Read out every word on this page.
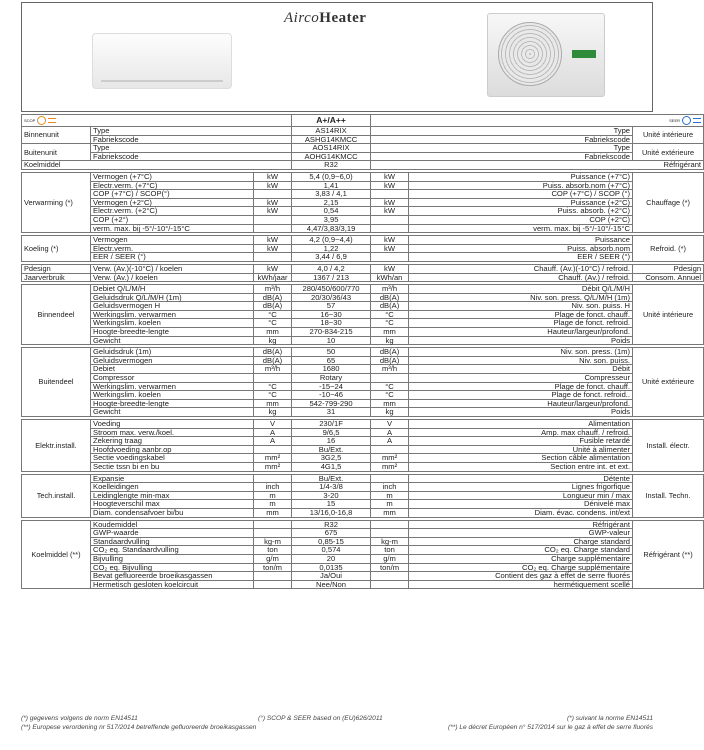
AircoHeater
SCOP			A+/A++	SEER		

Binnenunit	Type		AS14RIX	Type		Unité intérieure
	Fabriekscode		ASHG14KMCC	Fabriekscode		
Buitenunit	Type		AOS14RIX	Type		Unité extérieure
	Fabriekscode		AOHG14KMCC	Fabriekscode		
Koelmiddel			R32	Réfrigérant		

Verwarming (*)	Vermogen (+7°C)	kW	5,4 (0,9~6,0)	kW	Puissance (+7°C)	Chauffage (*)
	Electr.verm. (+7°C)	kW	1,41	kW	Puiss. absorb.nom (+7°C)	
	COP (+7°C) / SCOP(°)		3,83 / 4,1		COP (+7°C) / SCOP (°)	
	Vermogen (+2°C)	kW	2,15	kW	Puissance (+2°C)	
	Electr.verm. (+2°C)	kW	0,54	kW	Puiss. absorb. (+2°C)	
	COP (+2°)		3,95		COP (+2°C)	
	verm. max. bij -5°/-10°/-15°C		4,47/3,83/3,19		verm. max. bij -5°/-10°/-15°C	

Koeling (*)	Vermogen	kW	4,2 (0,9~4,4)	kW	Puissance	Refroid. (*)
	Electr.verm.	kW	1,22	kW	Puiss. absorb.nom	
	EER / SEER (°)		3,44 / 6,9		EER / SEER (°)	

Pdesign	Verw. (Av.)(-10°C) / koelen	kW	4,0 / 4,2	kW	Chauff. (Av.)(-10°C) / refroid.	Pdesign
Jaarverbruik	Verw. (Av.) / koelen	kWh/jaar	1367 / 213	kWh/an	Chauff. (Av.) / refroid.	Consom. Annuel

Binnendeel	Debiet Q/L/M/H	m³/h	280/450/600/770	m³/h	Débit Q/L/M/H	Unité intérieure
	Geluidsdruk Q/L/M/H (1m)	dB(A)	20/30/36/43	dB(A)	Niv. son. press. Q/L/M/H (1m)	
	Geluidsvermogen H	dB(A)	57	dB(A)	Niv. son. puiss. H	
	Werkingslim. verwarmen	°C	16~30	°C	Plage de fonct. chauff.	
	Werkingslim. koelen	°C	18~30	°C	Plage de fonct. refroid.	
	Hoogte-breedte-lengte	mm	270-834-215	mm	Hauteur/largeur/profond.	
	Gewicht	kg	10	kg	Poids	

Buitendeel	Geluidsdruk (1m)	dB(A)	50	dB(A)	Niv. son. press. (1m)	Unité extérieure
	Geluidsvermogen	dB(A)	65	dB(A)	Niv. son. puiss.	
	Debiet	m³/h	1680	m³/h	Débit	
	Compressor		Rotary		Compresseur	
	Werkingslim. verwarmen	°C	-15~24	°C	Plage de fonct. chauff.	
	Werkingslim. koelen	°C	-10~46	°C	Plage de fonct. refroid..	
	Hoogte-breedte-lengte	mm	542-799-290	mm	Hauteur/largeur/profond.	
	Gewicht	kg	31	kg	Poids	

Elektr.install.	Voeding	V	230/1F	V	Alimentation	Install. électr.
	Stroom max. verw./koel.	A	9/6,5	A	Amp. max chauff. / refroid.	
	Zekering traag	A	16	A	Fusible retardé	
	Hoofdvoeding aanbr.op		Bu/Ext.		Unité à alimenter	
	Sectie voedingskabel	mm²	3G2,5	mm²	Section câble alimentation	
	Sectie tssn bi en bu	mm²	4G1,5	mm²	Section entre int. et ext.	

Tech.install.	Expansie		Bu/Ext.		Détente	Install. Techn.
	Koelleidingen	inch	1/4-3/8	inch	Lignes frigorfique	
	Leidinglengte min-max	m	3-20	m	Longueur min / max	
	Hoogteverschil max	m	15	m	Dénivelé max	
	Diam. condensafvoer bi/bu	mm	13/16,0-16,8	mm	Diam. évac. condens. int/ext	

Koelmiddel (**)	Koudemiddel		R32		Réfrigérant	Réfrigérant (**)
	GWP-waarde		675		GWP-valeur	
	Standaardvulling	kg-m	0,85-15	kg-m	Charge standard	
	CO₂ eq. Standaardvulling	ton	0,574	ton	CO₂ eq. Charge standard	
	Bijvulling	g/m	20	g/m	Charge supplémentaire	
	CO₂ eq. Bijvulling	ton/m	0,0135	ton/m	CO₂ eq. Charge supplémentaire	
	Bevat gefluoreerde broeikasgassen		Ja/Oui		Contient des gaz à effet de serre fluorés	
	Hermetisch gesloten koelcircuit		Nee/Non		hermétiquement scellé	
(*) gegevens volgens de norm EN14511	(°) SCOP & SEER based on (EU)626/2011	(*) suivant la norme EN14511
(**) Europese verordening nr 517/2014 betreffende gefluoreerde broeikasgassen	(**) Le décret Européen n° 517/2014 sur le gaz à effet de serre fluorés
